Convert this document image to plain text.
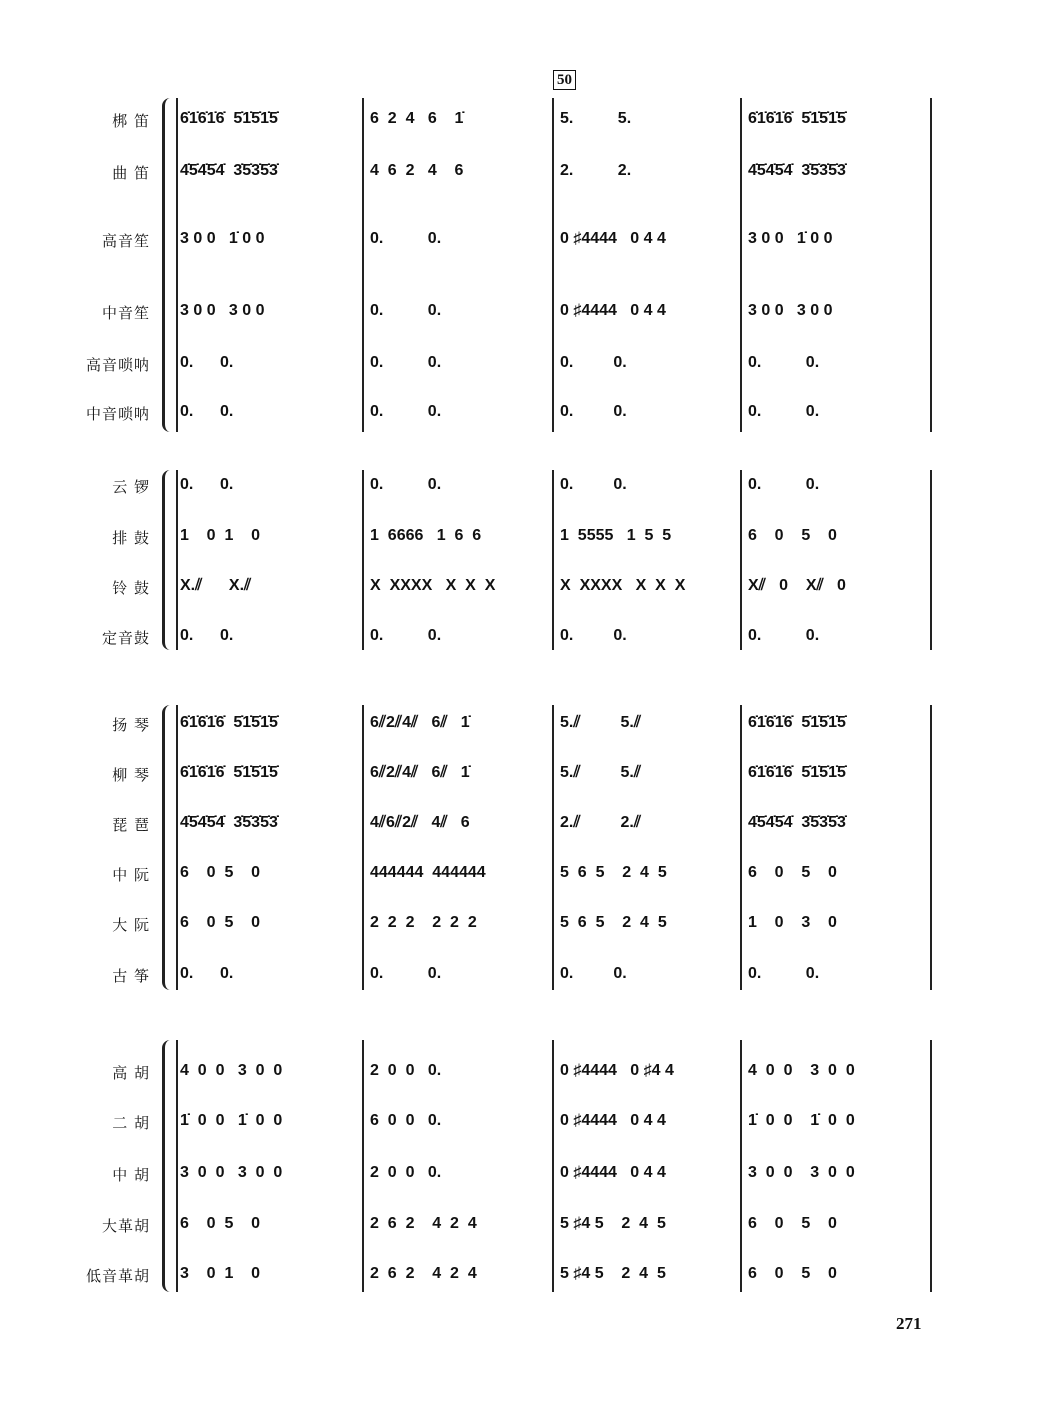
50
梆 笛 6̇1̇6̇1̇6̇  5̇1̇5̇1̇5̇	6  2  4   6    1̇	5.          5.	6̇1̇6̇1̇6̇  5̇1̇5̇1̇5̇
曲 笛 4̇5̇4̇5̇4̇  3̇5̇3̇5̇3̇	4  6  2   4    6	2.          2.	4̇5̇4̇5̇4̇  3̇5̇3̇5̇3̇
高音笙 3 0 0   1̇ 0 0	0.          0.	0 ♯4444   0 4 4	3 0 0   1̇ 0 0
中音笙 3 0 0   3 0 0	0.          0.	0 ♯4444   0 4 4	3 0 0   3 0 0
高音唢呐 0.      0.	0.          0.	0.         0.	0.          0.
中音唢呐 0.      0.	0.          0.	0.         0.	0.          0.
云 锣 0.      0.	0.          0.	0.         0.	0.          0.
排 鼓 1    0  1    0	1  6666   1  6  6	1  5555   1  5  5	6    0    5    0
铃 鼓 X.⫽      X.⫽	X  XXXX   X  X  X	X  XXXX   X  X  X	X⫽   0    X⫽   0
定音鼓 0.      0.	0.          0.	0.         0.	0.          0.
扬 琴 6̇1̇6̇1̇6̇  5̇1̇5̇1̇5̇	6⫽2⫽4⫽   6⫽   1̇	5.⫽         5.⫽	6̇1̇6̇1̇6̇  5̇1̇5̇1̇5̇
柳 琴 6̇1̇6̇1̇6̇  5̇1̇5̇1̇5̇	6⫽2⫽4⫽   6⫽   1̇	5.⫽         5.⫽	6̇1̇6̇1̇6̇  5̇1̇5̇1̇5̇
琵 琶 4̇5̇4̇5̇4̇  3̇5̇3̇5̇3̇	4⫽6⫽2⫽   4⫽   6	2.⫽         2.⫽	4̇5̇4̇5̇4̇  3̇5̇3̇5̇3̇
中 阮 6    0  5    0	444444  444444	5  6  5    2  4  5	6    0    5    0
大 阮 6    0  5    0	2  2  2    2  2  2	5  6  5    2  4  5	1    0    3    0
古 筝 0.      0.	0.          0.	0.         0.	0.          0.
高 胡 4  0  0   3  0  0	2  0  0   0.	0 ♯4444   0 ♯4 4	4  0  0    3  0  0
二 胡 1̇  0  0   1̇  0  0	6  0  0   0.	0 ♯4444   0 4 4	1̇  0  0    1̇  0  0
中 胡 3  0  0   3  0  0	2  0  0   0.	0 ♯4444   0 4 4	3  0  0    3  0  0
大革胡 6    0  5    0	2  6  2    4  2  4	5 ♯4 5    2  4  5	6    0    5    0
低音革胡 3    0  1    0	2  6  2    4  2  4	5 ♯4 5    2  4  5	6    0    5    0
271
